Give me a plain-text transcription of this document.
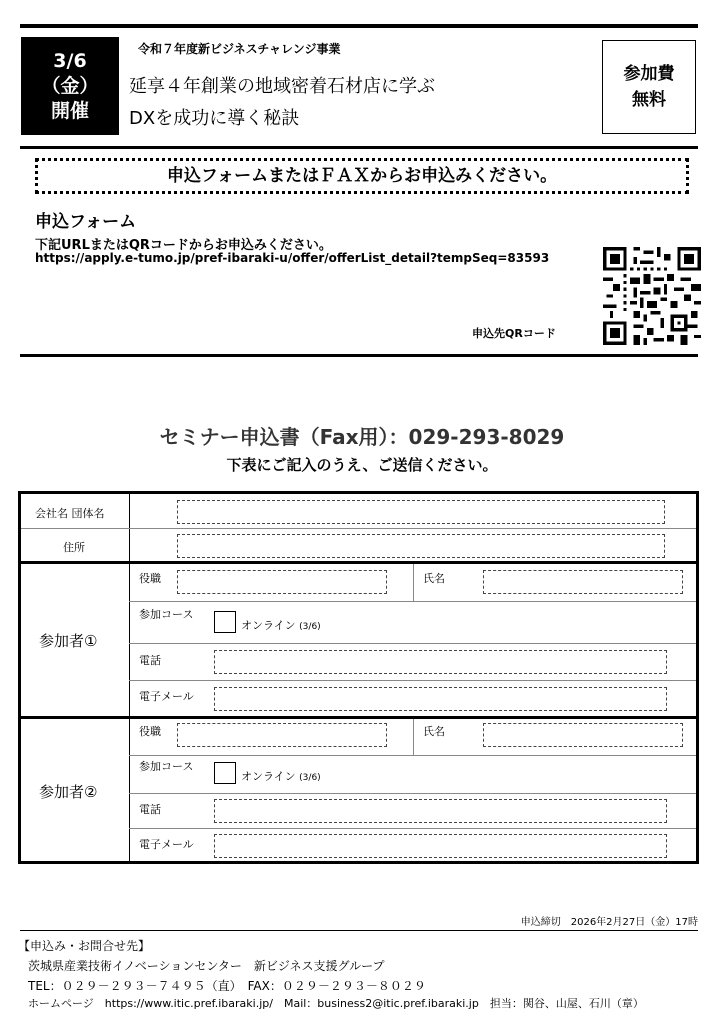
3/6
（金）
開催
令和７年度新ビジネスチャレンジ事業
延享４年創業の地域密着石材店に学ぶ
DXを成功に導く秘訣
参加費
無料
申込フォームまたはＦＡＸからお申込みください。
申込フォーム
下記URLまたはQRコードからお申込みください。
https://apply.e-tumo.jp/pref-ibaraki-u/offer/offerList_detail?tempSeq=83593
申込先QRコード
セミナー申込書（Fax用）：029-293-8029
下表にご記入のうえ、ご送信ください。
会社名 団体名
住所
参加者①
役職	氏名
参加コース
オンライン (3/6)
電話
電子メール
参加者②
役職	氏名
参加コース
オンライン (3/6)
電話
電子メール
申込締切　2026年2月27日（金）17時
【申込み・お問合せ先】
茨城県産業技術イノベーションセンター　新ビジネス支援グループ
TEL：０２９－２９３－７４９５（直）　FAX：０２９－２９３－８０２９
ホームページ　https://www.itic.pref.ibaraki.jp/　Mail：business2@itic.pref.ibaraki.jp　担当：関谷、山屋、石川（章）
